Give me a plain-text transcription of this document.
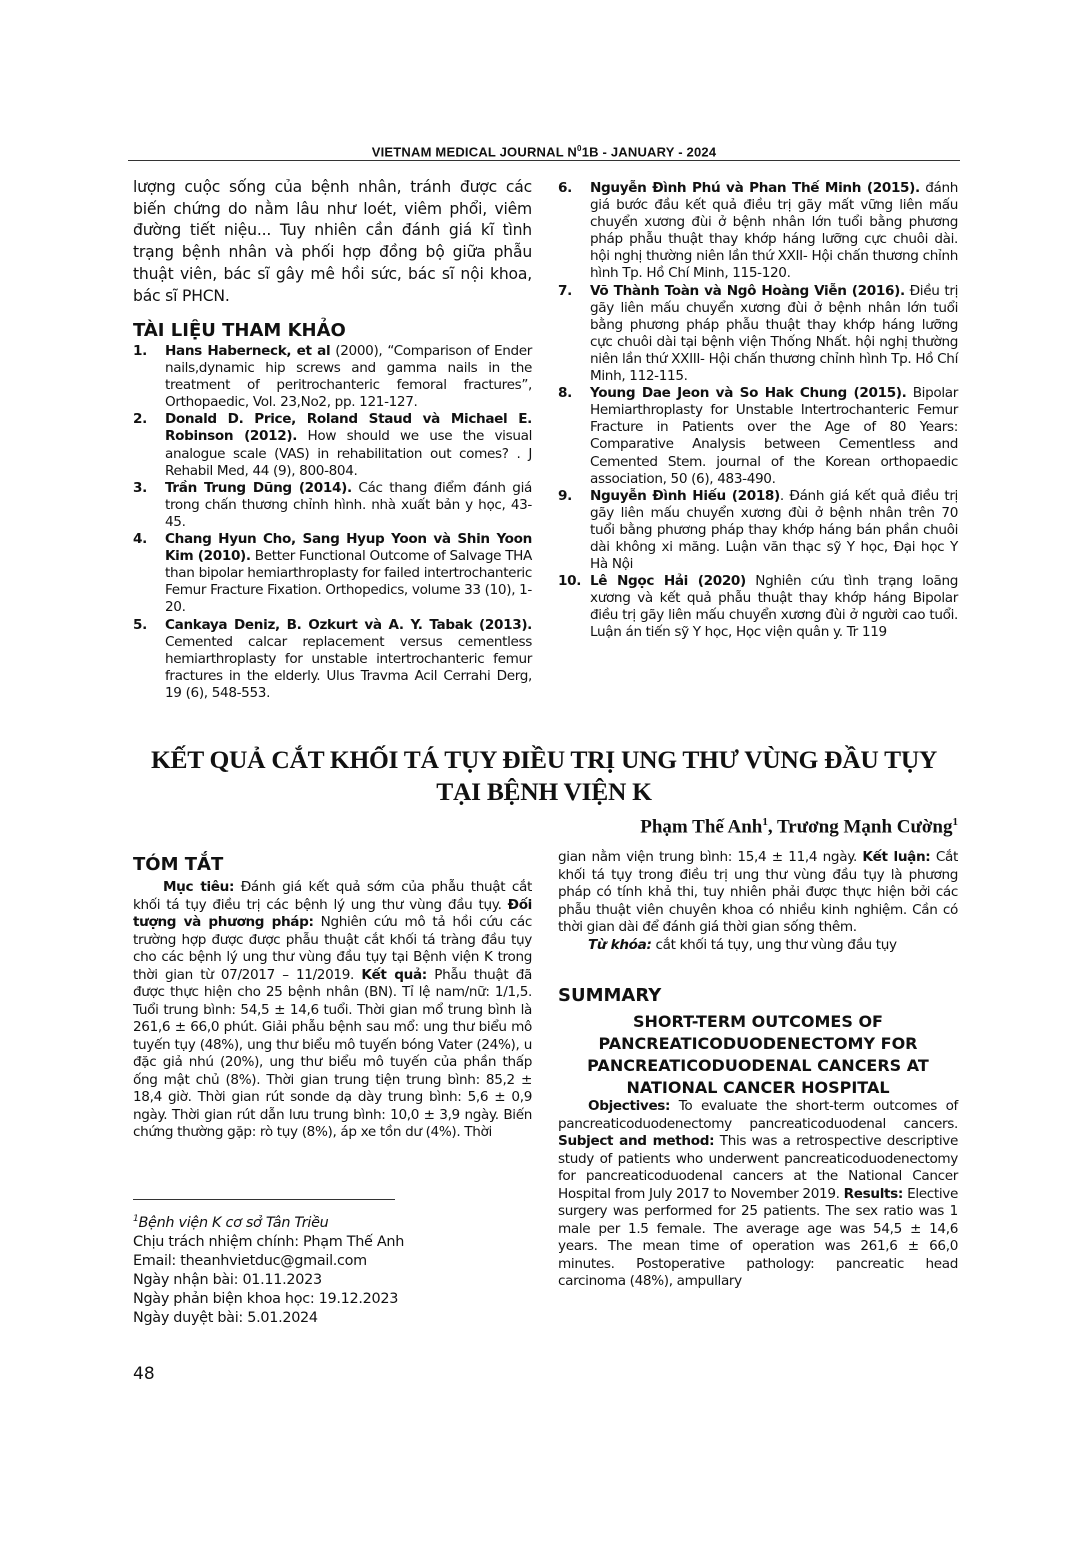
VIETNAM MEDICAL JOURNAL $N^01B$ - JANUARY - 2024
lượng cuộc sống của bệnh nhân, tránh được các biến chứng do nằm lâu như loét, viêm phổi, viêm đường tiết niệu... Tuy nhiên cần đánh giá kĩ tình trạng bệnh nhân và phối hợp đồng bộ giữa phẫu thuật viên, bác sĩ gây mê hồi sức, bác sĩ nội khoa, bác sĩ PHCN.
TÀI LIỆU THAM KHẢO
1. Hans Haberneck, et al (2000), “Comparison of Ender nails,dynamic hip screws and gamma nails in the treatment of peritrochanteric femoral fractures”, Orthopaedic, Vol. 23,No2, pp. 121-127.
2. Donald D. Price, Roland Staud và Michael E. Robinson (2012). How should we use the visual analogue scale (VAS) in rehabilitation out comes? . J Rehabil Med, 44 (9), 800-804.
3. Trần Trung Dũng (2014). Các thang điểm đánh giá trong chấn thương chỉnh hình. nhà xuất bản y học, 43-45.
4. Chang Hyun Cho, Sang Hyup Yoon và Shin Yoon Kim (2010). Better Functional Outcome of Salvage THA than bipolar hemiarthroplasty for failed intertrochanteric Femur Fracture Fixation. Orthopedics, volume 33 (10), 1-20.
5. Cankaya Deniz, B. Ozkurt và A. Y. Tabak (2013). Cemented calcar replacement versus cementless hemiarthroplasty for unstable intertrochanteric femur fractures in the elderly. Ulus Travma Acil Cerrahi Derg, 19 (6), 548-553.
6. Nguyễn Đình Phú và Phan Thế Minh (2015). đánh giá bước đầu kết quả điều trị gãy mất vững liên mấu chuyển xương đùi ở bệnh nhân lớn tuổi bằng phương pháp phẫu thuật thay khớp háng lưỡng cực chuôi dài. hội nghị thường niên lần thứ XXII- Hội chấn thương chỉnh hình Tp. Hồ Chí Minh, 115-120.
7. Võ Thành Toàn và Ngô Hoàng Viễn (2016). Điều trị gãy liên mấu chuyển xương đùi ở bệnh nhân lớn tuổi bằng phương pháp phẫu thuật thay khớp háng lưỡng cực chuôi dài tại bệnh viện Thống Nhất. hội nghị thường niên lần thứ XXIII- Hội chấn thương chỉnh hình Tp. Hồ Chí Minh, 112-115.
8. Young Dae Jeon và So Hak Chung (2015). Bipolar Hemiarthroplasty for Unstable Intertrochanteric Femur Fracture in Patients over the Age of 80 Years: Comparative Analysis between Cementless and Cemented Stem. journal of the Korean orthopaedic association, 50 (6), 483-490.
9. Nguyễn Đình Hiếu (2018). Đánh giá kết quả điều trị gãy liên mấu chuyển xương đùi ở bệnh nhân trên 70 tuổi bằng phương pháp thay khớp háng bán phần chuôi dài không xi măng. Luận văn thạc sỹ Y học, Đại học Y Hà Nội
10. Lê Ngọc Hải (2020) Nghiên cứu tình trạng loãng xương và kết quả phẫu thuật thay khớp háng Bipolar điều trị gãy liên mấu chuyển xương đùi ở người cao tuổi. Luận án tiến sỹ Y học, Học viện quân y. Tr 119
KẾT QUẢ CẮT KHỐI TÁ TỤY ĐIỀU TRỊ UNG THƯ VÙNG ĐẦU TỤY
TẠI BỆNH VIỆN K
Phạm Thế Anh$^1$, Trương Mạnh Cường$^1$
TÓM TẮT
Mục tiêu: Đánh giá kết quả sớm của phẫu thuật cắt khối tá tụy điều trị các bệnh lý ung thư vùng đầu tụy. Đối tượng và phương pháp: Nghiên cứu mô tả hồi cứu các trường hợp được được phẫu thuật cắt khối tá tràng đầu tụy cho các bệnh lý ung thư vùng đầu tụy tại Bệnh viện K trong thời gian từ 07/2017 – 11/2019. Kết quả: Phẫu thuật đã được thực hiện cho 25 bệnh nhân (BN). Tỉ lệ nam/nữ: 1/1,5. Tuổi trung bình: 54,5 ± 14,6 tuổi. Thời gian mổ trung bình là 261,6 ± 66,0 phút. Giải phẫu bệnh sau mổ: ung thư biểu mô tuyến tụy (48%), ung thư biểu mô tuyến bóng Vater (24%), u đặc giả nhú (20%), ung thư biểu mô tuyến của phần thấp ống mật chủ (8%). Thời gian trung tiện trung bình: 85,2 ± 18,4 giờ. Thời gian rút sonde dạ dày trung bình: 5,6 ± 0,9 ngày. Thời gian rút dẫn lưu trung bình: 10,0 ± 3,9 ngày. Biến chứng thường gặp: rò tụy (8%), áp xe tồn dư (4%). Thời
$^1$Bệnh viện K cơ sở Tân Triều
Chịu trách nhiệm chính: Phạm Thế Anh
Email: theanhvietduc@gmail.com
Ngày nhận bài: 01.11.2023
Ngày phản biện khoa học: 19.12.2023
Ngày duyệt bài: 5.01.2024
gian nằm viện trung bình: 15,4 ± 11,4 ngày. Kết luận: Cắt khối tá tụy trong điều trị ung thư vùng đầu tụy là phương pháp có tính khả thi, tuy nhiên phải được thực hiện bởi các phẫu thuật viên chuyên khoa có nhiều kinh nghiệm. Cần có thời gian dài để đánh giá thời gian sống thêm.
Từ khóa: cắt khối tá tụy, ung thư vùng đầu tụy
SUMMARY
SHORT-TERM OUTCOMES OF
PANCREATICODUODENECTOMY FOR
PANCREATICODUODENAL CANCERS AT
NATIONAL CANCER HOSPITAL
Objectives: To evaluate the short-term outcomes of pancreaticoduodenectomy pancreaticoduodenal cancers. Subject and method: This was a retrospective descriptive study of patients who underwent pancreaticoduodenectomy for pancreaticoduodenal cancers at the National Cancer Hospital from July 2017 to November 2019. Results: Elective surgery was performed for 25 patients. The sex ratio was 1 male per 1.5 female. The average age was 54,5 ± 14,6 years. The mean time of operation was 261,6 ± 66,0 minutes. Postoperative pathology: pancreatic head carcinoma (48%), ampullary
48
